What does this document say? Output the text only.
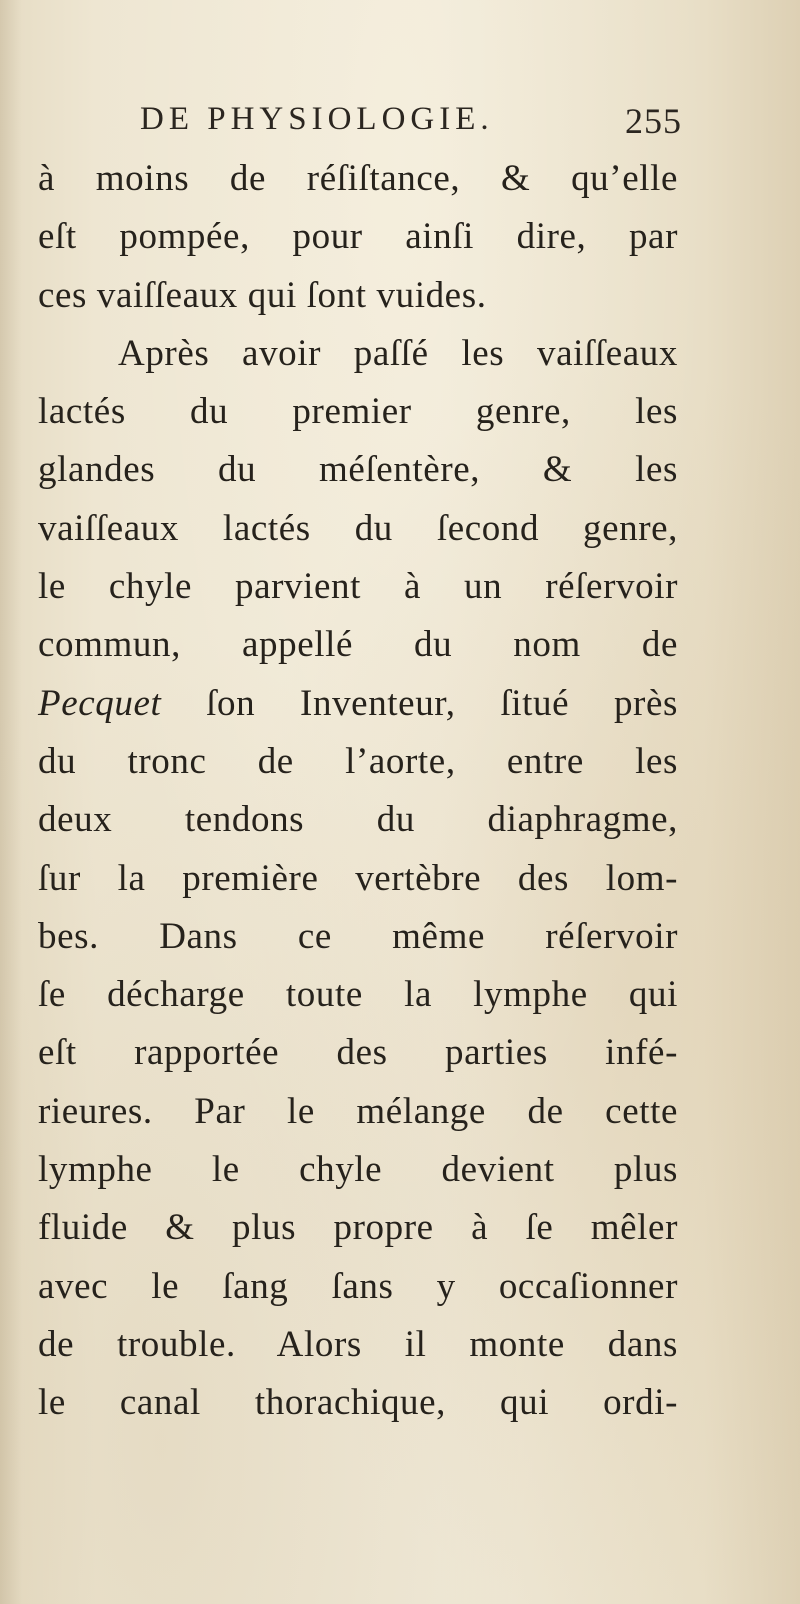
DE PHYSIOLOGIE.	255
à moins de réſiſtance, & qu’elle
eſt pompée, pour ainſi dire, par
ces vaiſſeaux qui ſont vuides.
Après avoir paſſé les vaiſſeaux
lactés du premier genre, les
glandes du méſentère, & les
vaiſſeaux lactés du ſecond genre,
le chyle parvient à un réſervoir
commun, appellé du nom de
Pecquet ſon Inventeur, ſitué près
du tronc de l’aorte, entre les
deux tendons du diaphragme,
ſur la première vertèbre des lom-
bes. Dans ce même réſervoir
ſe décharge toute la lymphe qui
eſt rapportée des parties infé-
rieures. Par le mélange de cette
lymphe le chyle devient plus
fluide & plus propre à ſe mêler
avec le ſang ſans y occaſionner
de trouble. Alors il monte dans
le canal thorachique, qui ordi-
